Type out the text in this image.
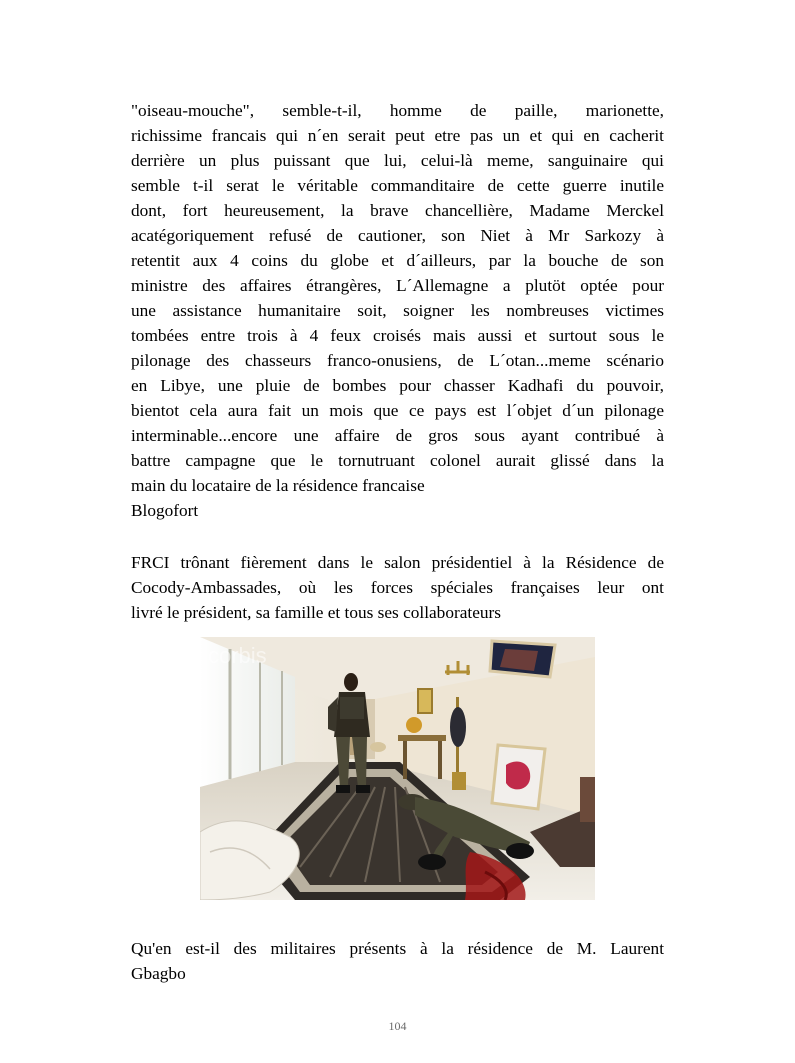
"oiseau-mouche", semble-t-il, homme de paille, marionette,
richissime francais qui n´en serait peut etre pas un et qui en cacherit
derrière un plus puissant que lui, celui-là meme, sanguinaire qui
semble t-il serat le véritable commanditaire de cette guerre inutile
dont, fort heureusement, la brave chancellière, Madame Merckel
acatégoriquement refusé de cautioner, son Niet à Mr Sarkozy à
retentit aux 4 coins du globe et d´ailleurs, par la bouche de son
ministre des affaires étrangères, L´Allemagne a plutöt optée pour
une assistance humanitaire soit, soigner les nombreuses victimes
tombées entre trois à 4 feux croisés mais aussi et surtout sous le
pilonage des chasseurs franco-onusiens, de L´otan...meme scénario
en Libye, une pluie de bombes pour chasser Kadhafi du pouvoir,
bientot cela aura fait un mois que ce pays est l´objet d´un pilonage
interminable...encore une affaire de gros sous ayant contribué à
battre campagne que le tornutruant colonel aurait glissé dans la
main du locataire de la résidence francaise
Blogofort
FRCI trônant fièrement dans le salon présidentiel à la Résidence de
Cocody-Ambassades, où les forces spéciales françaises leur ont
livré le président, sa famille et tous ses collaborateurs
corbis
Qu'en est-il des militaires présents à la résidence de M. Laurent
Gbagbo
104
